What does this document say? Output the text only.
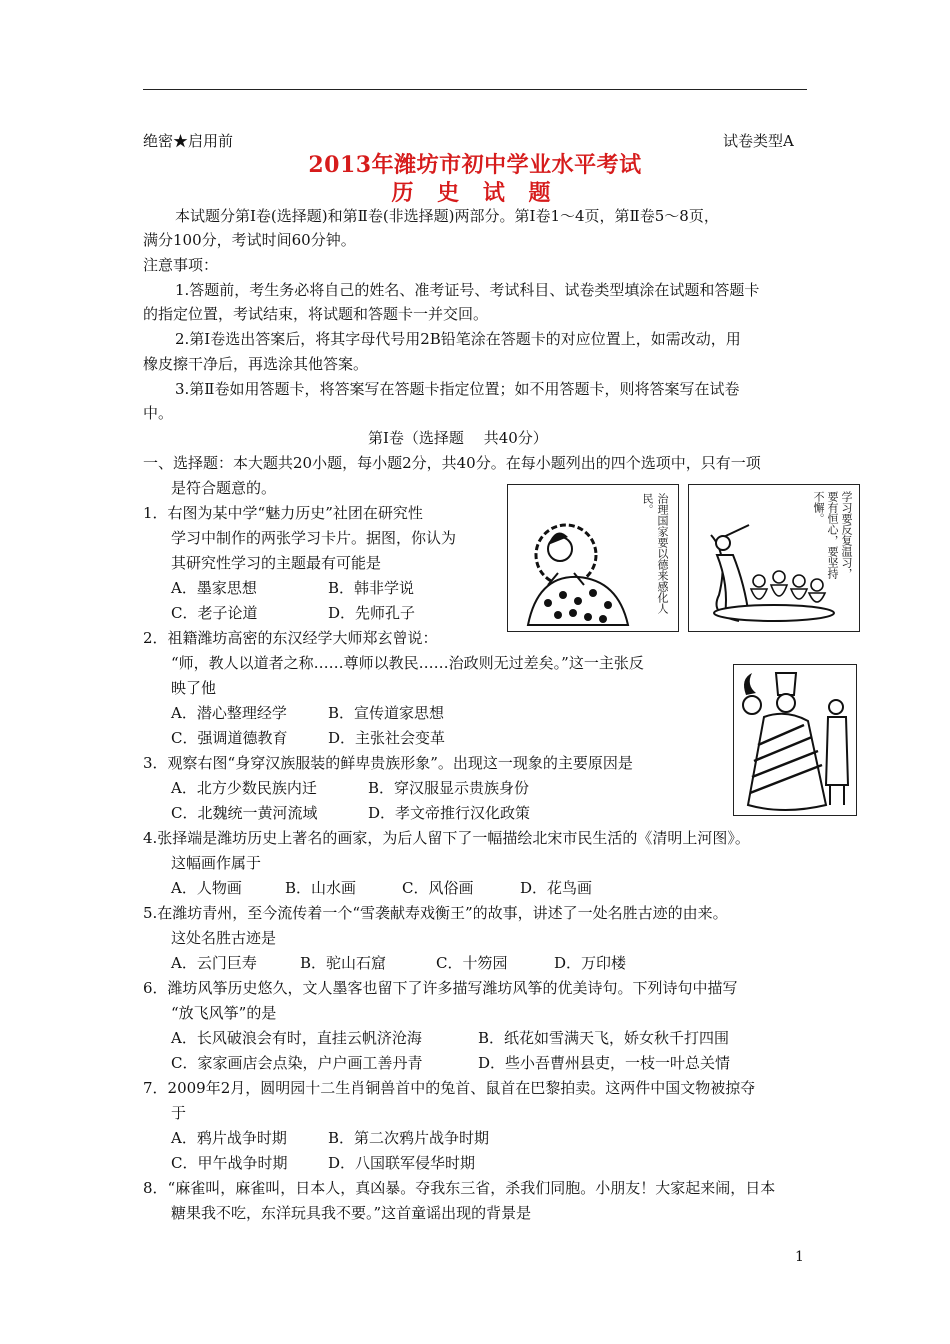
绝密★启用前	试卷类型A
2013年潍坊市初中学业水平考试
历 史 试 题
本试题分第Ⅰ卷(选择题)和第Ⅱ卷(非选择题)两部分。第Ⅰ卷1～4页，第Ⅱ卷5～8页，
满分100分，考试时间60分钟。
注意事项：
1.答题前，考生务必将自己的姓名、准考证号、考试科目、试卷类型填涂在试题和答题卡
的指定位置，考试结束，将试题和答题卡一并交回。
2.第Ⅰ卷选出答案后，将其字母代号用2B铅笔涂在答题卡的对应位置上，如需改动，用
橡皮擦干净后，再选涂其他答案。
3.第Ⅱ卷如用答题卡，将答案写在答题卡指定位置；如不用答题卡，则将答案写在试卷
中。
第Ⅰ卷（选择题　 共40分）
一、选择题：本大题共20小题，每小题2分，共40分。在每小题列出的四个选项中，只有一项
是符合题意的。
治理国家要以德来感化人民。	学习要反复温习，要有恒心，要坚持不懈。
1．右图为某中学“魅力历史”社团在研究性
学习中制作的两张学习卡片。据图，你认为
其研究性学习的主题最有可能是
A．墨家思想	B．韩非学说
C．老子论道	D．先师孔子
2．祖籍潍坊高密的东汉经学大师郑玄曾说：
“师，教人以道者之称……尊师以教民……治政则无过差矣。”这一主张反
映了他
A．潜心整理经学	B．宣传道家思想
C．强调道德教育	D．主张社会变革
3．观察右图“身穿汉族服装的鲜卑贵族形象”。出现这一现象的主要原因是
A．北方少数民族内迁	B．穿汉服显示贵族身份
C．北魏统一黄河流域	D．孝文帝推行汉化政策
4.张择端是潍坊历史上著名的画家，为后人留下了一幅描绘北宋市民生活的《清明上河图》。
这幅画作属于
A．人物画	B．山水画	C．风俗画	D．花鸟画
5.在潍坊青州，至今流传着一个“雪袭献寿戏衡王”的故事，讲述了一处名胜古迹的由来。
这处名胜古迹是
A．云门巨寿	B．驼山石窟	C．十笏园	D．万印楼
6．潍坊风筝历史悠久，文人墨客也留下了许多描写潍坊风筝的优美诗句。下列诗句中描写
“放飞风筝”的是
A．长风破浪会有时，直挂云帆济沧海	B．纸花如雪满天飞，娇女秋千打四围
C．家家画店会点染，户户画工善丹青	D．些小吾曹州县吏，一枝一叶总关情
7．2009年2月，圆明园十二生肖铜兽首中的兔首、鼠首在巴黎拍卖。这两件中国文物被掠夺
于
A．鸦片战争时期	B．第二次鸦片战争时期
C．甲午战争时期	D．八国联军侵华时期
8．“麻雀叫，麻雀叫，日本人，真凶暴。夺我东三省，杀我们同胞。小朋友！大家起来闹，日本
糖果我不吃，东洋玩具我不要。”这首童谣出现的背景是
1
